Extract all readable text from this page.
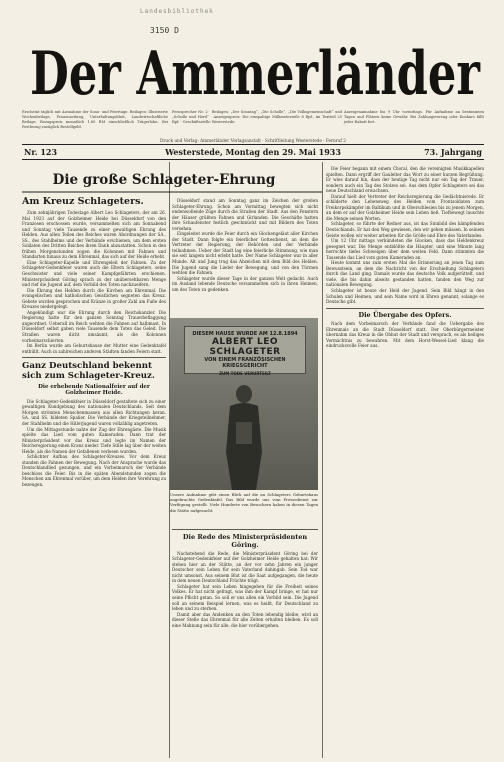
Landesbibliothek
3150 D
Der Ammerländer
Erscheint täglich mit Ausnahme der Sonn- und Feiertage. Beilagen: Illustrierte Wochenbeilage, Frauenzeitung, Unterhaltungsblatt, Landwirtschaftliche Beilage. Bezugspreis monatlich 1,80 RM einschließlich Trägerlohn. Bei Postbezug zuzüglich Bestellgeld.
Fernsprecher Nr. 2 · Beilagen: „Der Sonntag“, „Die Scholle“, „Die Volksgemeinschaft“ und „Scholle und Herd“ · Anzeigenpreis: Die einspaltige Millimeterzeile 8 Rpf., im Textteil 25 Rpf. · Geschäftsstelle Westerstede.
Anzeigenannahme bis 9 Uhr vormittags. Für Aufnahme an bestimmten Tagen und Plätzen keine Gewähr. Bei Zahlungsverzug oder Konkurs fällt jeder Rabatt fort.
Druck und Verlag: Ammerländer Verlagsanstalt · Schriftleitung Westerstede · Fernruf 2
Nr. 123	Westerstede, Montag den 29. Mai 1933	73. Jahrgang
Die große Schlageter-Ehrung

Am Kreuz Schlageters.

Zum zehnjährigen Todestage Albert Leo Schlageters, der am 26. Mai 1923 auf der Golzheimer Heide bei Düsseldorf von den Franzosen erschossen wurde, versammelten sich am Sonnabend und Sonntag viele Tausende zu einer gewaltigen Ehrung des Helden. Aus allen Teilen des Reiches waren Abordnungen der SA., SS., des Stahlhelms und der Verbände erschienen, um dem ersten Soldaten des Dritten Reiches ihren Dank abzustatten. Schon in den frühen Morgenstunden zogen die Kolonnen mit Fahnen und Standarten hinaus zu dem Ehrenmal, das sich auf der Heide erhebt.

Eine Schlageter-Kapelle und Ehrengeleit der Fahnen. Zu der Schlageter-Gedenkfeier waren auch die Eltern Schlageters, seine Geschwister und viele seiner Kampfgefährten erschienen. Ministerpräsident Göring sprach zu der unübersehbaren Menge und rief die Jugend auf, dem Vorbild des Toten nachzueifern.

Die Ehrung des Helden durch die Kirchen am Ehrenmal. Die evangelischen und katholischen Geistlichen segneten das Kreuz. Gebete wurden gesprochen und Kränze in großer Zahl am Fuße des Kreuzes niedergelegt.

Angekündigt war die Ehrung durch den Reichskanzler. Die Regierung hatte für den ganzen Sonntag Trauerbeflaggung angeordnet. Ueberall im Reich wehten die Fahnen auf halbmast. In Düsseldorf selbst gaben viele Tausende dem Toten das Geleit. Die Straßen waren dicht umsäumt, als die Kolonnen vorbeimarschierten.

Im Berlin wurde am Geburtshause der Mutter eine Gedenktafel enthüllt. Auch in zahlreichen anderen Städten fanden Feiern statt.

Ganz Deutschland bekennt sich zum Schlageter-Kreuz.

Die erhebende Nationalfeier auf der Golzheimer Heide.

Die Schlageter-Gedenkfeier in Düsseldorf gestaltete sich zu einer gewaltigen Kundgebung des nationalen Deutschlands. Seit dem Morgen strömten Menschenmassen aus allen Richtungen heran. SA. und SS. bildeten Spalier. Die Verbände der Kriegsteilnehmer, der Stahlhelm und die Hitlerjugend waren vollzählig angetreten.

Um die Mittagsstunde nahte der Zug der Ehrengäste. Die Musik spielte das Lied vom guten Kameraden. Dann trat der Ministerpräsident vor das Kreuz und legte im Namen der Reichsregierung einen Kranz nieder. Tiefe Stille lag über der weiten Heide, als die Namen der Gefallenen verlesen wurden.

Schlichter Aufbau des Schlageter-Kreuzes. Vor dem Kreuz standen die Fahnen der Bewegung. Nach der Ansprache wurde das Deutschlandlied gesungen, und ein Vorbeimarsch der Verbände beschloss die Feier. Bis in die späten Abendstunden zogen die Menschen am Ehrenmal vorüber, um dem Helden ihre Verehrung zu bezeugen.

Düsseldorf stand am Sonntag ganz im Zeichen der großen Schlageter-Ehrung. Schon am Vormittag bewegten sich nicht endenwollende Züge durch die Straßen der Stadt. Aus den Fenstern der Häuser grüßten Fahnen und Girlanden. Die Geschäfte hatten ihre Schaufenster festlich geschmückt und mit Bildern des Toten versehen.

Eingeleitet wurde die Feier durch ein Glockengeläut aller Kirchen der Stadt. Dann folgte ein feierlicher Gottesdienst, an dem die Vertreter der Regierung, der Behörden und der Verbände teilnahmen. Ueber der Stadt lag eine feierliche Stimmung, wie man sie seit langem nicht erlebt hatte. Der Name Schlageter war in aller Munde. Alt und Jung trug das Abzeichen mit dem Bild des Helden. Die Jugend sang die Lieder der Bewegung, und von den Türmen wehten die Fahnen.

Schlageter wurde dieser Tage in der ganzen Welt gedacht. Auch im Ausland lebende Deutsche versammelten sich in ihren Heimen, um des Toten zu gedenken.

DIESEM HAUSE WURDE AM 12.8.1894
ALBERT LEO SCHLAGETER
VON EINEM FRANZÖSISCHEN KRIEGSGERICHT
ZUM TODE VERURTEILT

Unsere Aufnahme gibt einen Blick auf die an Schlageters Geburtshaus angebrachte Gedenktafel. Das Bild wurde uns vom Pressedienst zur Verfügung gestellt. Viele Hunderte von Besuchern haben in diesen Tagen die Stätte aufgesucht.

Die Rede des Ministerpräsidenten Göring.

Nachstehend die Rede, die Ministerpräsident Göring bei der Schlageter-Gedenkfeier auf der Golzheimer Heide gehalten hat: Wir stehen hier an der Stätte, an der vor zehn Jahren ein junger Deutscher sein Leben für sein Vaterland dahingab. Sein Tod war nicht umsonst. Aus seinem Blut ist die Saat aufgegangen, die heute in dem neuen Deutschland Früchte trägt.

Schlageter hat sein Leben hingegeben für die Freiheit seines Volkes. Er hat nicht gefragt, was ihm der Kampf bringe, er hat nur seine Pflicht getan. So soll er uns allen ein Vorbild sein. Die Jugend soll an seinem Beispiel lernen, was es heißt, für Deutschland zu leben und zu sterben.

Damit aber das Andenken an den Toten lebendig bleibe, wird an dieser Stelle das Ehrenmal für alle Zeiten erhalten bleiben. Es soll eine Mahnung sein für alle, die hier vorübergehen.

Die Feier begann mit einem Choral, den die vereinigten Musikkapellen spielten. Dann ergriff der Gauleiter das Wort zu einer kurzen Begrüßung. Er wies darauf hin, dass der heutige Tag nicht nur ein Tag der Trauer, sondern auch ein Tag des Stolzes sei. Aus dem Opfer Schlageters sei das neue Deutschland erwachsen.

Darauf hielt der Vertreter der Reichsregierung die Gedächtnisrede. Er schilderte den Lebensweg des Helden vom Frontsoldaten zum Freikorpskämpfer im Baltikum und in Oberschlesien bis zu jenem Morgen, an dem er auf der Golzheimer Heide sein Leben ließ. Tiefbewegt lauschte die Menge seinen Worten.

Schlageter, so führte der Redner aus, ist das Sinnbild des kämpfenden Deutschlands. Er hat den Weg gewiesen, den wir gehen müssen. In seinem Geiste wollen wir weiter arbeiten für die Größe und Ehre des Vaterlandes.

Um 12 Uhr mittags verkündeten die Glocken, dass das Heldenkreuz gesegnet war. Die Menge entblößte die Häupter, und eine Minute lang herrschte tiefes Schweigen über dem weiten Feld. Dann stimmten die Tausende das Lied vom guten Kameraden an.

Heute kommt uns zum ersten Mal die Erinnerung an jenen Tag zum Bewusstsein, an dem die Nachricht von der Erschießung Schlageters durch das Land ging. Damals wurde das deutsche Volk aufgerüttelt, und viele, die bis dahin abseits gestanden hatten, fanden den Weg zur nationalen Bewegung.

Schlageter ist heute der Held der Jugend. Sein Bild hängt in den Schulen und Heimen, und sein Name wird in Ehren genannt, solange es Deutsche gibt.

Die Übergabe des Opfers.

Nach dem Vorbeimarsch der Verbände fand die Uebergabe des Ehrenmals an die Stadt Düsseldorf statt. Der Oberbürgermeister übernahm das Kreuz in die Obhut der Stadt und versprach, es als heiliges Vermächtnis zu bewahren. Mit dem Horst-Wessel-Lied klang die eindrucksvolle Feier aus.
